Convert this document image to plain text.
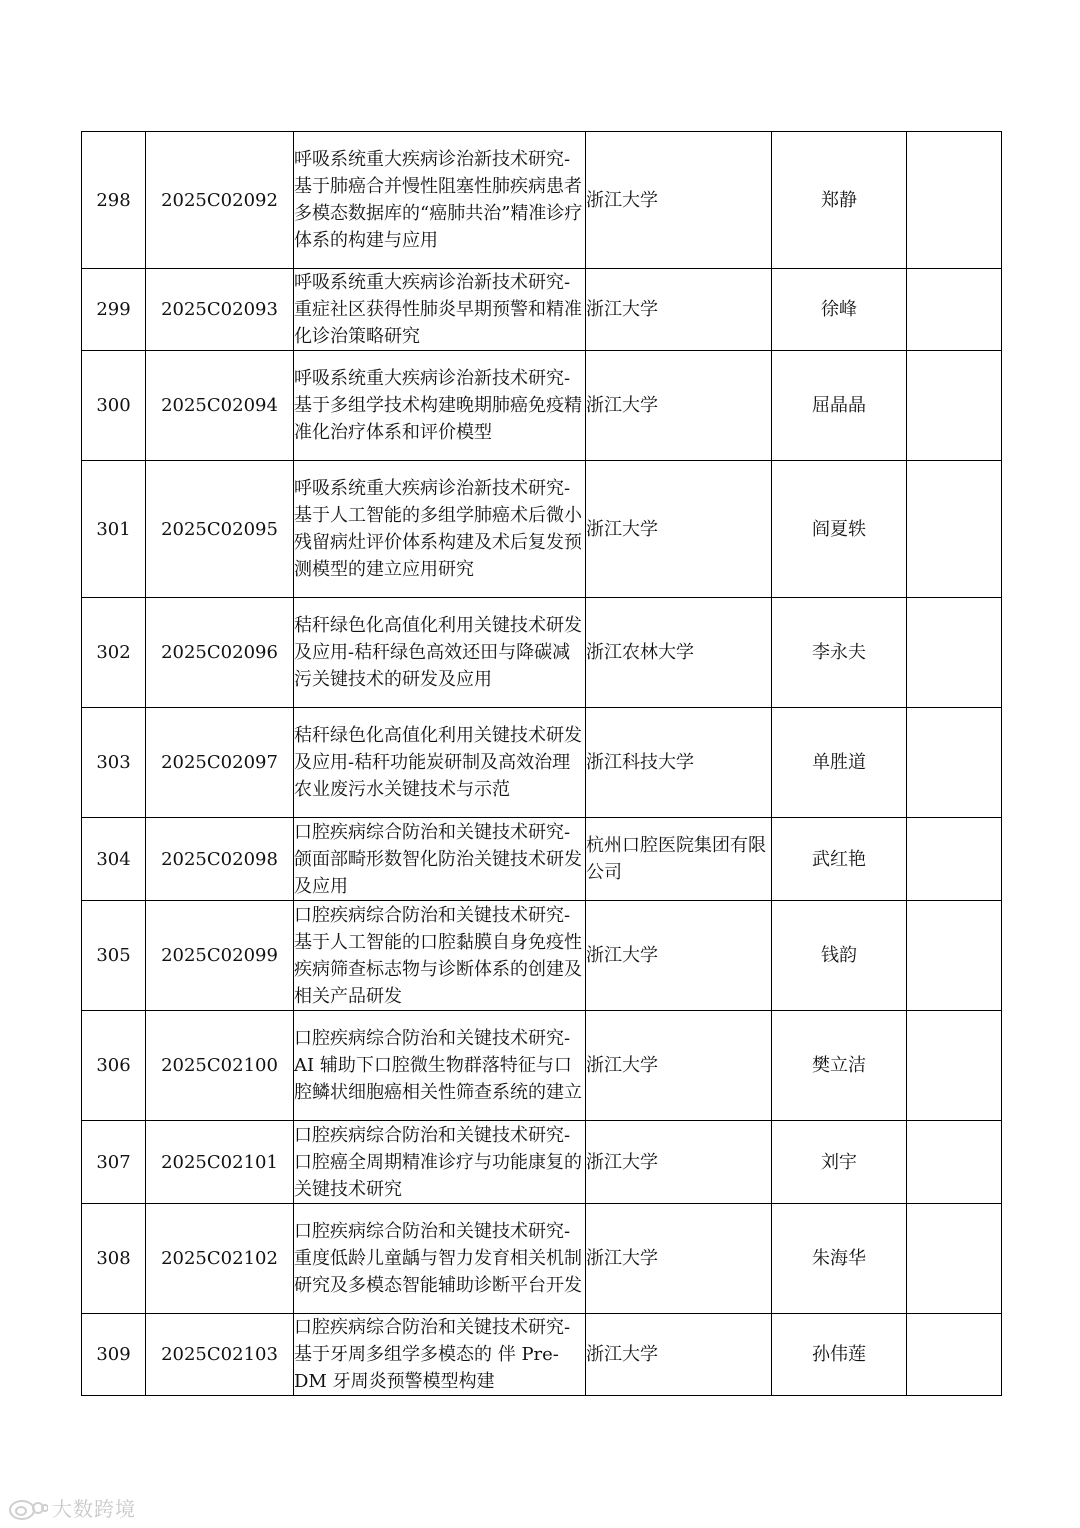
298	2025C02092	呼吸系统重大疾病诊治新技术研究-基于肺癌合并慢性阻塞性肺疾病患者多模态数据库的“癌肺共治”精准诊疗体系的构建与应用	浙江大学	郑静	
299	2025C02093	呼吸系统重大疾病诊治新技术研究-重症社区获得性肺炎早期预警和精准化诊治策略研究	浙江大学	徐峰	
300	2025C02094	呼吸系统重大疾病诊治新技术研究-基于多组学技术构建晚期肺癌免疫精准化治疗体系和评价模型	浙江大学	屈晶晶	
301	2025C02095	呼吸系统重大疾病诊治新技术研究-基于人工智能的多组学肺癌术后微小残留病灶评价体系构建及术后复发预测模型的建立应用研究	浙江大学	阎夏轶	
302	2025C02096	秸秆绿色化高值化利用关键技术研发及应用-秸秆绿色高效还田与降碳减污关键技术的研发及应用	浙江农林大学	李永夫	
303	2025C02097	秸秆绿色化高值化利用关键技术研发及应用-秸秆功能炭研制及高效治理农业废污水关键技术与示范	浙江科技大学	单胜道	
304	2025C02098	口腔疾病综合防治和关键技术研究-颌面部畸形数智化防治关键技术研发及应用	杭州口腔医院集团有限公司	武红艳	
305	2025C02099	口腔疾病综合防治和关键技术研究-基于人工智能的口腔黏膜自身免疫性疾病筛查标志物与诊断体系的创建及相关产品研发	浙江大学	钱韵	
306	2025C02100	口腔疾病综合防治和关键技术研究-AI 辅助下口腔微生物群落特征与口腔鳞状细胞癌相关性筛查系统的建立	浙江大学	樊立洁	
307	2025C02101	口腔疾病综合防治和关键技术研究-口腔癌全周期精准诊疗与功能康复的关键技术研究	浙江大学	刘宇	
308	2025C02102	口腔疾病综合防治和关键技术研究-重度低龄儿童龋与智力发育相关机制研究及多模态智能辅助诊断平台开发	浙江大学	朱海华	
309	2025C02103	口腔疾病综合防治和关键技术研究-基于牙周多组学多模态的 伴 Pre-DM 牙周炎预警模型构建	浙江大学	孙伟莲	
大数跨境
